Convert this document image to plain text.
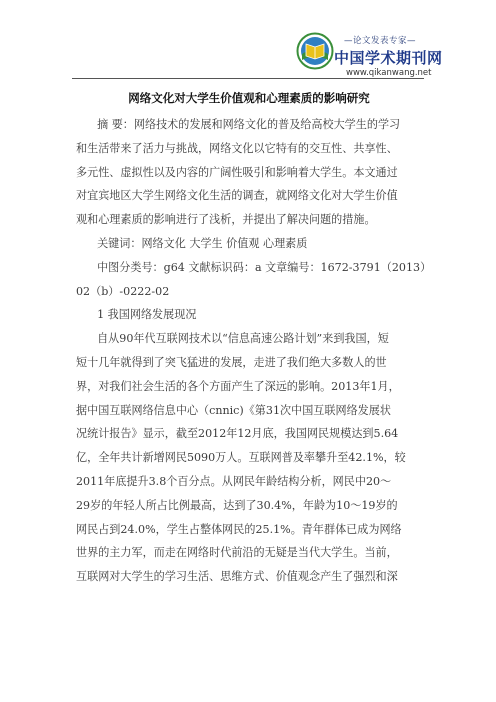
—论文发表专家—
中国学术期刊网
www.qikanwang.net
网络文化对大学生价值观和心理素质的影响研究

摘 要：网络技术的发展和网络文化的普及给高校大学生的学习
和生活带来了活力与挑战，网络文化以它特有的交互性、共享性、
多元性、虚拟性以及内容的广阔性吸引和影响着大学生。本文通过
对宜宾地区大学生网络文化生活的调查，就网络文化对大学生价值
观和心理素质的影响进行了浅析，并提出了解决问题的措施。

关键词：网络文化 大学生 价值观 心理素质

中图分类号：g64 文献标识码：a 文章编号：1672-3791（2013）
02（b）-0222-02

1 我国网络发展现况

自从90年代互联网技术以“信息高速公路计划”来到我国，短
短十几年就得到了突飞猛进的发展，走进了我们绝大多数人的世
界，对我们社会生活的各个方面产生了深远的影响。2013年1月，
据中国互联网络信息中心（cnnic)《第31次中国互联网络发展状
况统计报告》显示，截至2012年12月底，我国网民规模达到5.64
亿，全年共计新增网民5090万人。互联网普及率攀升至42.1%，较
2011年底提升3.8个百分点。从网民年龄结构分析，网民中20～
29岁的年轻人所占比例最高，达到了30.4%，年龄为10～19岁的
网民占到24.0%，学生占整体网民的25.1%。青年群体已成为网络
世界的主力军，而走在网络时代前沿的无疑是当代大学生。当前，
互联网对大学生的学习生活、思维方式、价值观念产生了强烈和深
